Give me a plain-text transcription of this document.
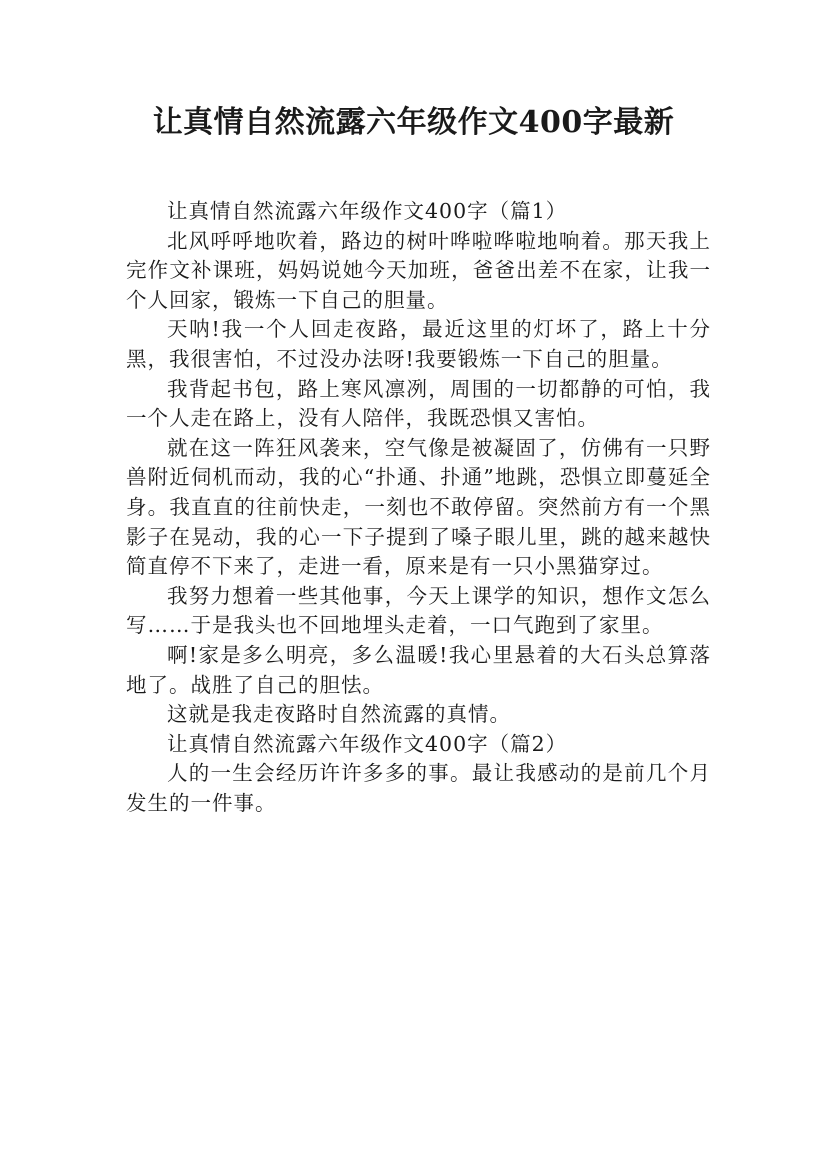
让真情自然流露六年级作文400字最新

让真情自然流露六年级作文400字（篇1）

北风呼呼地吹着，路边的树叶哗啦哗啦地响着。那天我上完作文补课班，妈妈说她今天加班，爸爸出差不在家，让我一个人回家，锻炼一下自己的胆量。

天呐!我一个人回走夜路，最近这里的灯坏了，路上十分黑，我很害怕，不过没办法呀!我要锻炼一下自己的胆量。

我背起书包，路上寒风凛冽，周围的一切都静的可怕，我一个人走在路上，没有人陪伴，我既恐惧又害怕。

就在这一阵狂风袭来，空气像是被凝固了，仿佛有一只野兽附近伺机而动，我的心“扑通、扑通”地跳，恐惧立即蔓延全身。我直直的往前快走，一刻也不敢停留。突然前方有一个黑影子在晃动，我的心一下子提到了嗓子眼儿里，跳的越来越快简直停不下来了，走进一看，原来是有一只小黑猫穿过。

我努力想着一些其他事，今天上课学的知识，想作文怎么写……于是我头也不回地埋头走着，一口气跑到了家里。

啊!家是多么明亮，多么温暖!我心里悬着的大石头总算落地了。战胜了自己的胆怯。

这就是我走夜路时自然流露的真情。

让真情自然流露六年级作文400字（篇2）

人的一生会经历许许多多的事。最让我感动的是前几个月发生的一件事。
